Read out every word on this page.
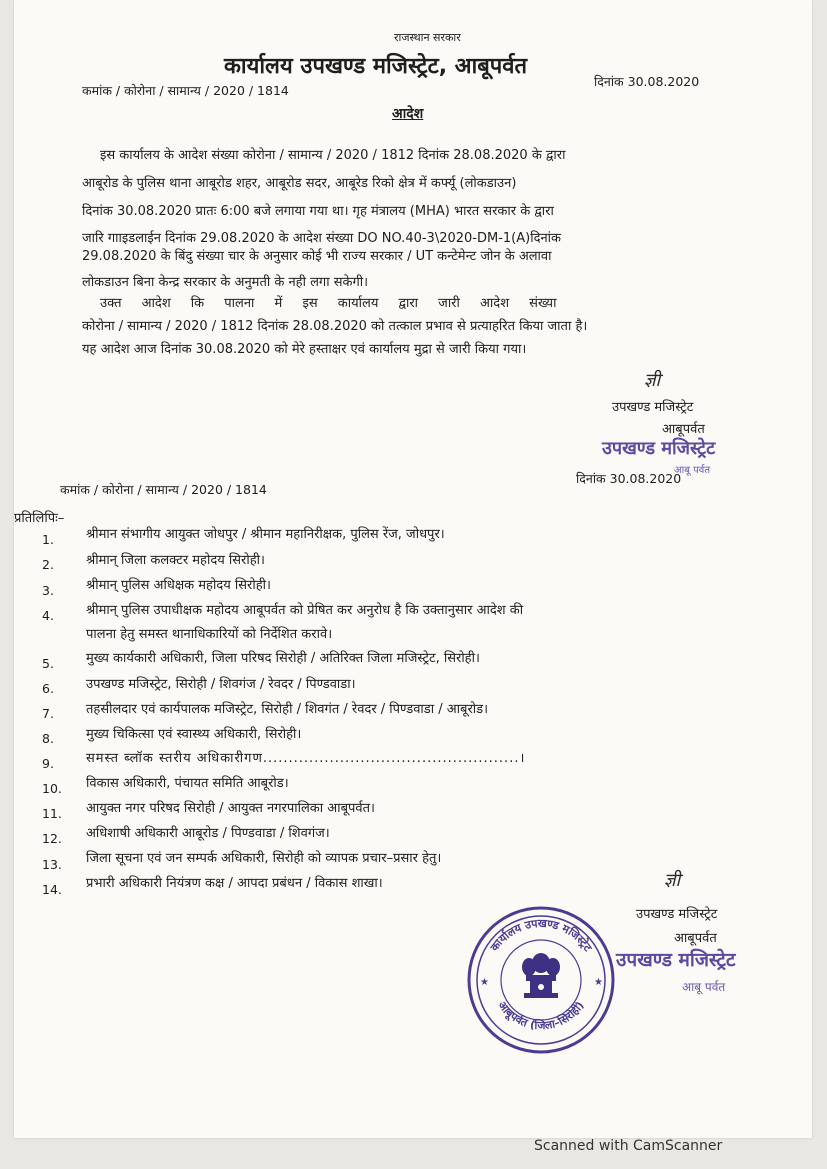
राजस्थान सरकार
कार्यालय उपखण्ड मजिस्ट्रेट, आबूपर्वत
कमांक / कोरोना / सामान्य / 2020 / 1814
दिनांक 30.08.2020
आदेश
इस कार्यालय के आदेश संख्या कोरोना / सामान्य / 2020 / 1812 दिनांक 28.08.2020 के द्वारा
आबूरोड के पुलिस थाना आबूरोड शहर, आबूरोड सदर, आबूरेड रिको क्षेत्र में कर्फ्यू (लोकडाउन)
दिनांक 30.08.2020 प्रातः 6:00 बजे लगाया गया था। गृह मंत्रालय (MHA) भारत सरकार के द्वारा
जारि गााइडलाईन दिनांक 29.08.2020 के आदेश संख्या DO NO.40-3\2020-DM-1(A)दिनांक
29.08.2020 के बिंदु संख्या चार के अनुसार कोई भी राज्य सरकार / UT कन्टेमेन्ट जोन के अलावा
लोकडाउन बिना केन्द्र सरकार के अनुमती के नही लगा सकेगी।
उक्त आदेश कि पालना में इस कार्यालय द्वारा जारी आदेश संख्या
कोरोना / सामान्य / 2020 / 1812 दिनांक 28.08.2020 को तत्काल प्रभाव से प्रत्याहरित किया जाता है।
यह आदेश आज दिनांक 30.08.2020 को मेरे हस्ताक्षर एवं कार्यालय मुद्रा से जारी किया गया।
ज्ञी
उपखण्ड मजिस्ट्रेट
आबूपर्वत
उपखण्ड मजिस्ट्रेट
आबू पर्वत
कमांक / कोरोना / सामान्य / 2020 / 1814
दिनांक 30.08.2020
प्रतिलिपिः–
1. श्रीमान संभागीय आयुक्त जोधपुर / श्रीमान महानिरीक्षक, पुलिस रेंज, जोधपुर।
2. श्रीमान् जिला कलक्टर महोदय सिरोही।
3. श्रीमान् पुलिस अधिक्षक महोदय सिरोही।
4. श्रीमान् पुलिस उपाधीक्षक महोदय आबूपर्वत को प्रेषित कर अनुरोध है कि उक्तानुसार आदेश की
पालना हेतु समस्त थानाधिकारियों को निर्देशित करावे।
5. मुख्य कार्यकारी अधिकारी, जिला परिषद सिरोही / अतिरिक्त जिला मजिस्ट्रेट, सिरोही।
6. उपखण्ड मजिस्ट्रेट, सिरोही / शिवगंज / रेवदर / पिण्डवाडा।
7. तहसीलदार एवं कार्यपालक मजिस्ट्रेट, सिरोही / शिवगंत / रेवदर / पिण्डवाडा / आबूरोड।
8. मुख्य चिकित्सा एवं स्वास्थ्य अधिकारी, सिरोही।
9. समस्त ब्लॉक स्तरीय अधिकारीगण..................................................।
10. विकास अधिकारी, पंचायत समिति आबूरोड।
11. आयुक्त नगर परिषद सिरोही / आयुक्त नगरपालिका आबूपर्वत।
12. अधिशाषी अधिकारी आबूरोड / पिण्डवाडा / शिवगंज।
13. जिला सूचना एवं जन सम्पर्क अधिकारी, सिरोही को व्यापक प्रचार–प्रसार हेतु।
14. प्रभारी अधिकारी नियंत्रण कक्ष / आपदा प्रबंधन / विकास शाखा।	ज्ञी
उपखण्ड मजिस्ट्रेट
आबूपर्वत
उपखण्ड मजिस्ट्रेट
आबू पर्वत
कार्यालय उपखण्ड मजिस्ट्रेट
आबूपर्वत (जिला–सिरोही)
★	★
Scanned with CamScanner
